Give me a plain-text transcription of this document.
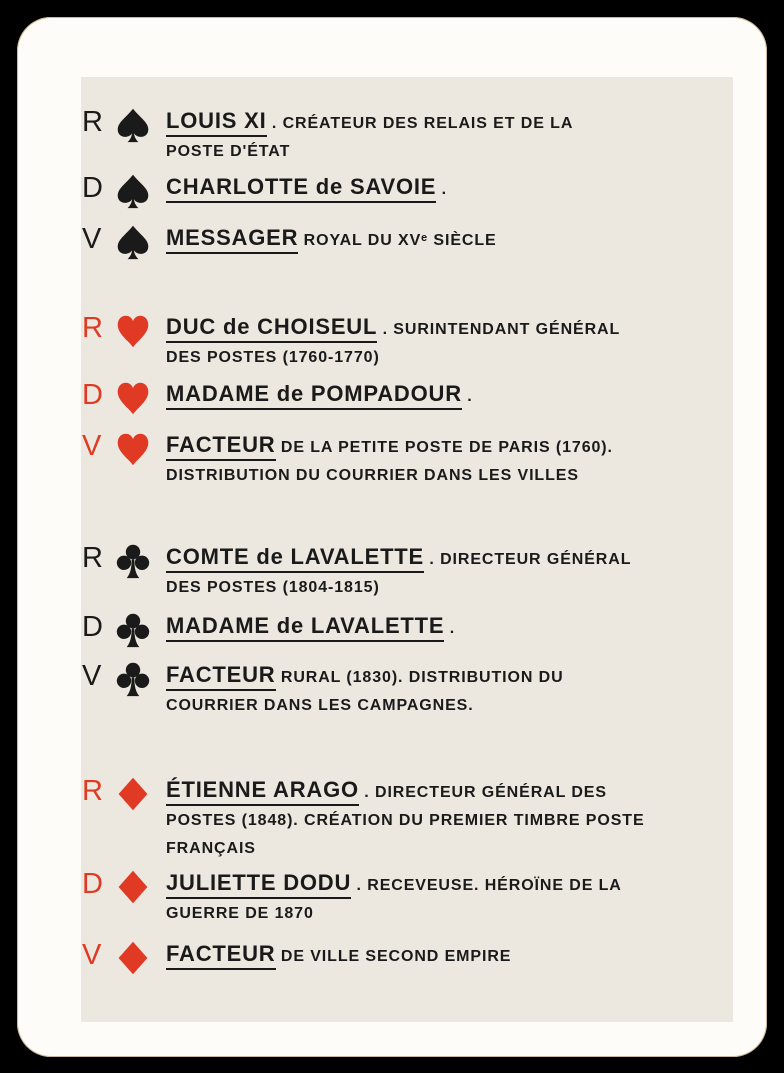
R	LOUIS XI . CRÉATEUR DES RELAIS ET DE LA
POSTE D'ÉTAT
D	CHARLOTTE de SAVOIE .
V	MESSAGER ROYAL DU XVᵉ SIÈCLE
R	DUC de CHOISEUL . SURINTENDANT GÉNÉRAL
DES POSTES (1760-1770)
D	MADAME de POMPADOUR .
V	FACTEUR DE LA PETITE POSTE DE PARIS (1760).
DISTRIBUTION DU COURRIER DANS LES VILLES
R	COMTE de LAVALETTE . DIRECTEUR GÉNÉRAL
DES POSTES (1804-1815)
D	MADAME de LAVALETTE .
V	FACTEUR RURAL (1830). DISTRIBUTION DU
COURRIER DANS LES CAMPAGNES.
R	ÉTIENNE ARAGO . DIRECTEUR GÉNÉRAL DES
POSTES (1848). CRÉATION DU PREMIER TIMBRE POSTE
FRANÇAIS
D	JULIETTE DODU . RECEVEUSE. HÉROÏNE DE LA
GUERRE DE 1870
V	FACTEUR DE VILLE SECOND EMPIRE
